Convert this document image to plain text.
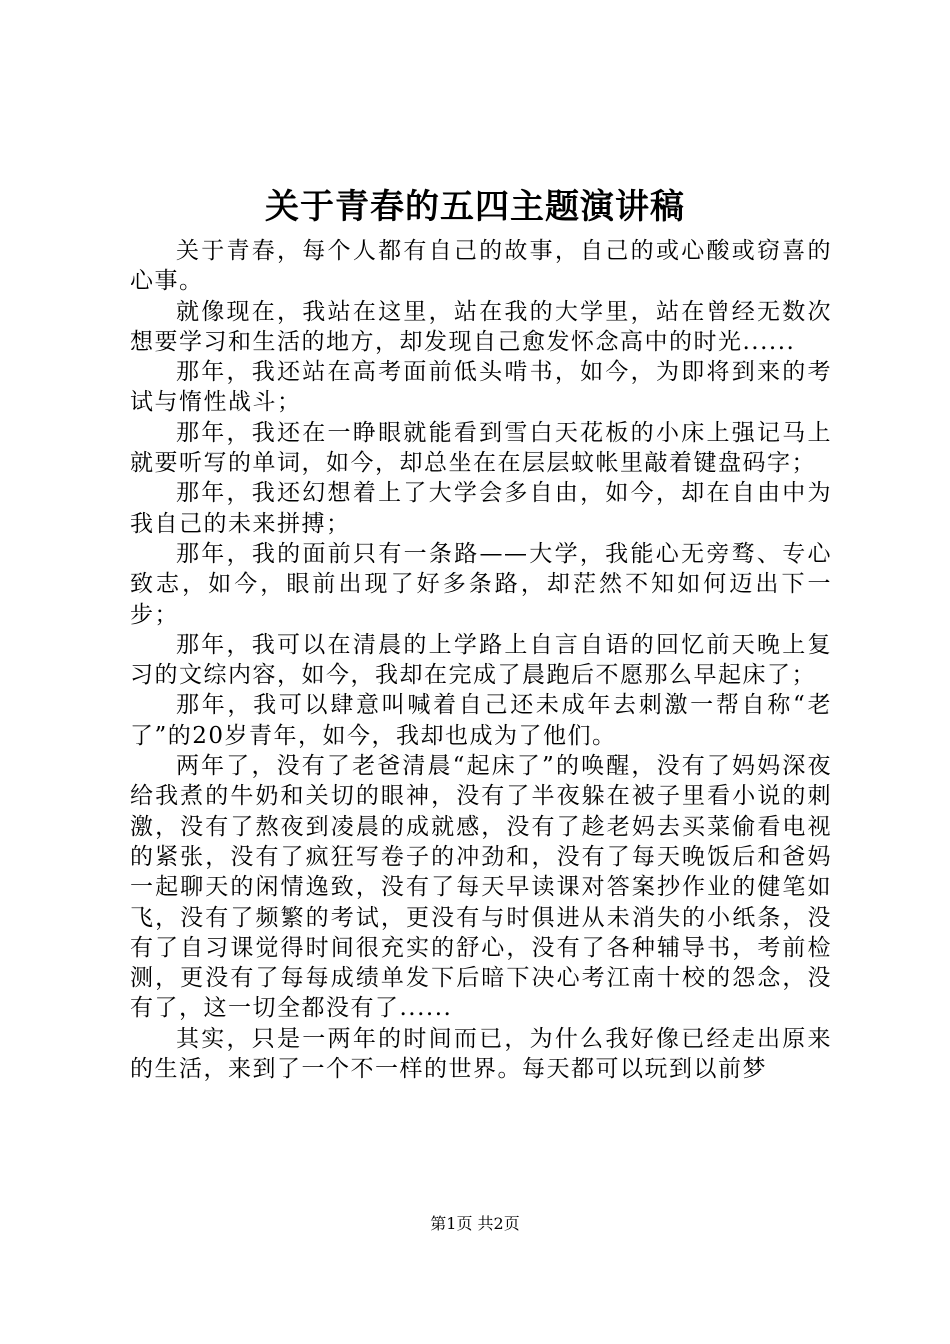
关于青春的五四主题演讲稿

关于青春，每个人都有自己的故事，自己的或心酸或窃喜的心事。

就像现在，我站在这里，站在我的大学里，站在曾经无数次想要学习和生活的地方，却发现自己愈发怀念高中的时光......

那年，我还站在高考面前低头啃书，如今，为即将到来的考试与惰性战斗；

那年，我还在一睁眼就能看到雪白天花板的小床上强记马上就要听写的单词，如今，却总坐在在层层蚊帐里敲着键盘码字；

那年，我还幻想着上了大学会多自由，如今，却在自由中为我自己的未来拼搏；

那年，我的面前只有一条路——大学，我能心无旁骛、专心致志，如今，眼前出现了好多条路，却茫然不知如何迈出下一步；

那年，我可以在清晨的上学路上自言自语的回忆前天晚上复习的文综内容，如今，我却在完成了晨跑后不愿那么早起床了；

那年，我可以肆意叫喊着自己还未成年去刺激一帮自称“老了”的20岁青年，如今，我却也成为了他们。

两年了，没有了老爸清晨“起床了”的唤醒，没有了妈妈深夜给我煮的牛奶和关切的眼神，没有了半夜躲在被子里看小说的刺激，没有了熬夜到凌晨的成就感，没有了趁老妈去买菜偷看电视的紧张，没有了疯狂写卷子的冲劲和，没有了每天晚饭后和爸妈一起聊天的闲情逸致，没有了每天早读课对答案抄作业的健笔如飞，没有了频繁的考试，更没有与时俱进从未消失的小纸条，没有了自习课觉得时间很充实的舒心，没有了各种辅导书，考前检测，更没有了每每成绩单发下后暗下决心考江南十校的怨念，没有了，这一切全都没有了......

其实，只是一两年的时间而已，为什么我好像已经走出原来的生活，来到了一个不一样的世界。每天都可以玩到以前梦

第1页 共2页
